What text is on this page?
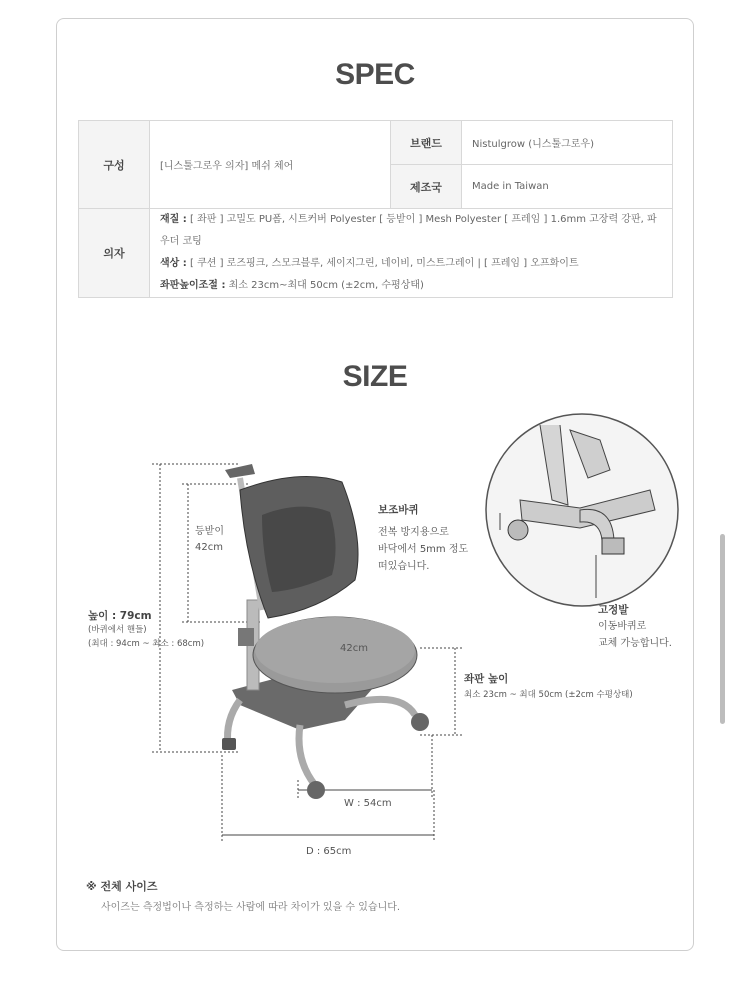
SPEC
구성	[니스툴그로우 의자] 메쉬 체어	브랜드	Nistulgrow (니스툴그로우)
		제조국	Made in Taiwan
의자	재질 : [ 좌판 ] 고밀도 PU폼, 시트커버 Polyester [ 등받이 ] Mesh Polyester [ 프레임 ] 1.6mm 고장력 강판, 파우더 코팅
색상 : [ 쿠션 ] 로즈핑크, 스모크블루, 세이지그린, 네이비, 미스트그레이 | [ 프레임 ] 오프화이트
좌판높이조절 : 최소 23cm~최대 50cm (±2cm, 수평상태)		
SIZE
등받이
42cm
높이 : 79cm
(바퀴에서 핸들)
(최대 : 94cm ~ 최소 : 68cm)	42cm
좌판 높이
최소 23cm ~ 최대 50cm (±2cm 수평상태)
W : 54cm
D : 65cm
보조바퀴
전복 방지용으로
바닥에서 5mm 정도
떠있습니다.
고정발
이동바퀴로
교체 가능합니다.
※ 전체 사이즈
사이즈는 측정법이나 측정하는 사람에 따라 차이가 있을 수 있습니다.
